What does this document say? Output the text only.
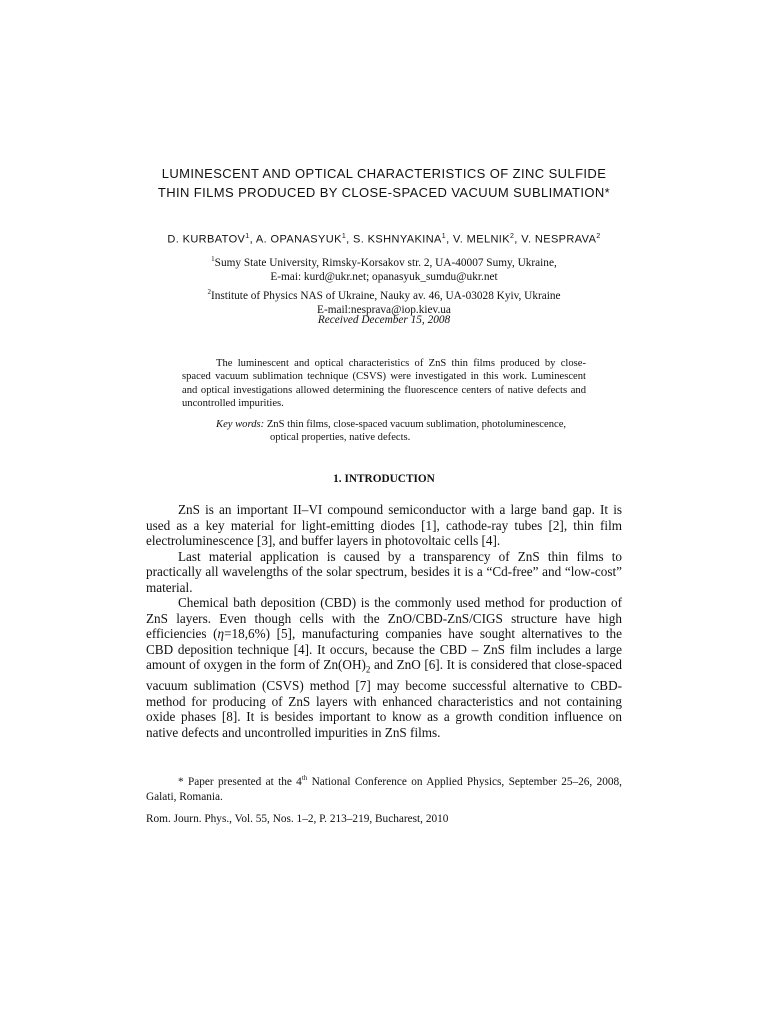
LUMINESCENT AND OPTICAL CHARACTERISTICS OF ZINC SULFIDE
THIN FILMS PRODUCED BY CLOSE-SPACED VACUUM SUBLIMATION*
D. KURBATOV$^1$, A. OPANASYUK$^1$, S. KSHNYAKINA$^1$, V. MELNIK$^2$, V. NESPRAVA$^2$
$^1$Sumy State University, Rimsky-Korsakov str. 2, UA-40007 Sumy, Ukraine,
E-mai: kurd@ukr.net; opanasyuk_sumdu@ukr.net
$^2$Institute of Physics NAS of Ukraine, Nauky av. 46, UA-03028 Kyiv, Ukraine
E-mail:nesprava@iop.kiev.ua
Received December 15, 2008
The luminescent and optical characteristics of ZnS thin films produced by close-spaced vacuum sublimation technique (CSVS) were investigated in this work. Luminescent and optical investigations allowed determining the fluorescence centers of native defects and uncontrolled impurities.
Key words: ZnS thin films, close-spaced vacuum sublimation, photoluminescence,
optical properties, native defects.
1. INTRODUCTION

ZnS is an important II–VI compound semiconductor with a large band gap. It is used as a key material for light-emitting diodes [1], cathode-ray tubes [2], thin film electroluminescence [3], and buffer layers in photovoltaic cells [4].

Last material application is caused by a transparency of ZnS thin films to practically all wavelengths of the solar spectrum, besides it is a “Cd-free” and “low-cost” material.

Chemical bath deposition (CBD) is the commonly used method for production of ZnS layers. Even though cells with the ZnO/CBD-ZnS/CIGS structure have high efficiencies (η=18,6%) [5], manufacturing companies have sought alternatives to the CBD deposition technique [4]. It occurs, because the CBD – ZnS film includes a large amount of oxygen in the form of $Zn(OH)_2$ and ZnO [6]. It is considered that close-spaced vacuum sublimation (CSVS) method [7] may become successful alternative to CBD-method for producing of ZnS layers with enhanced characteristics and not containing oxide phases [8]. It is besides important to know as a growth condition influence on native defects and uncontrolled impurities in ZnS films.

* Paper presented at the 4th National Conference on Applied Physics, September 25–26, 2008, Galati, Romania.
Rom. Journ. Phys., Vol. 55, Nos. 1–2, P. 213–219, Bucharest, 2010
